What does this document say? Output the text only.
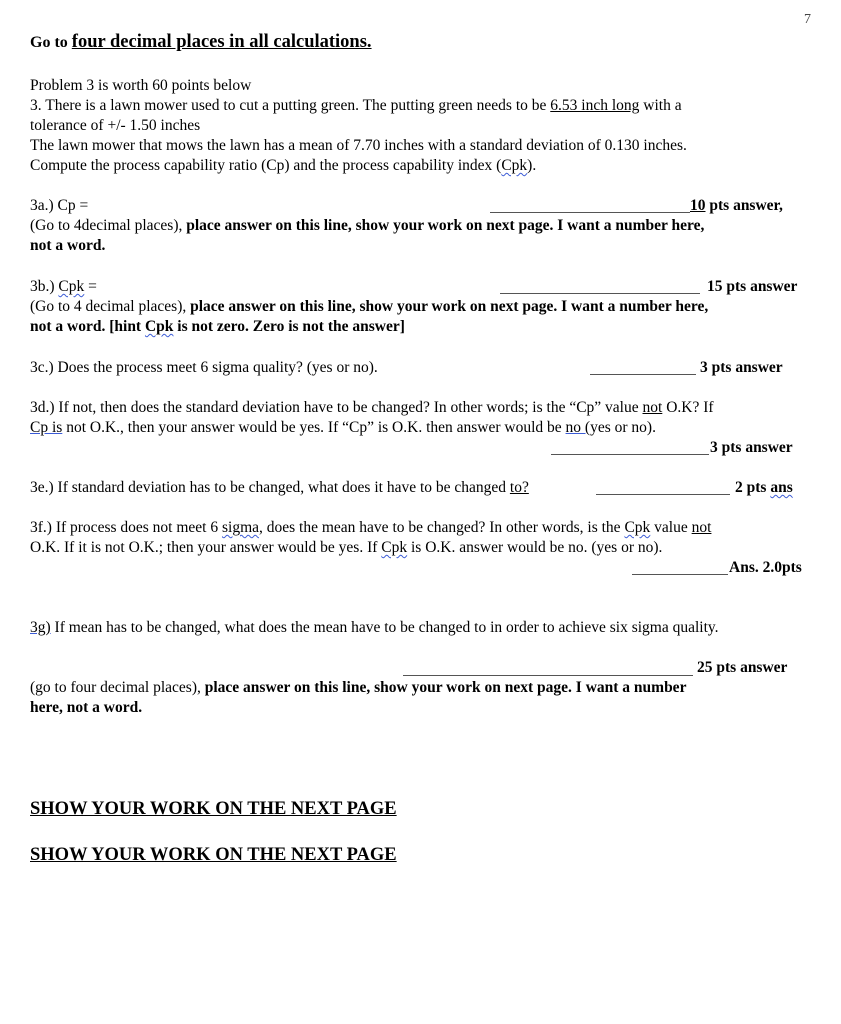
7
Go to four decimal places in all calculations.
Problem 3 is worth 60 points below
3. There is a lawn mower used to cut a putting green. The putting green needs to be 6.53 inch long with a
tolerance of +/- 1.50 inches
The lawn mower that mows the lawn has a mean of 7.70 inches with a standard deviation of 0.130 inches.
Compute the process capability ratio (Cp) and the process capability index (Cpk).
3a.) Cp =	10 pts answer,
(Go to 4decimal places), place answer on this line, show your work on next page. I want a number here,
not a word.
3b.) Cpk =	15 pts answer
(Go to 4 decimal places), place answer on this line, show your work on next page. I want a number here,
not a word. [hint Cpk is not zero. Zero is not the answer]
3c.) Does the process meet 6 sigma quality? (yes or no).	3 pts answer
3d.) If not, then does the standard deviation have to be changed? In other words; is the “Cp” value not O.K? If
Cp is not O.K., then your answer would be yes. If “Cp” is O.K. then answer would be no (yes or no).
3 pts answer
3e.) If standard deviation has to be changed, what does it have to be changed to?	2 pts ans
3f.) If process does not meet 6 sigma, does the mean have to be changed? In other words, is the Cpk value not
O.K. If it is not O.K.; then your answer would be yes. If Cpk is O.K. answer would be no. (yes or no).
Ans. 2.0pts
3g) If mean has to be changed, what does the mean have to be changed to in order to achieve six sigma quality.
25 pts answer
(go to four decimal places), place answer on this line, show your work on next page. I want a number
here, not a word.
SHOW YOUR WORK ON THE NEXT PAGE
SHOW YOUR WORK ON THE NEXT PAGE
